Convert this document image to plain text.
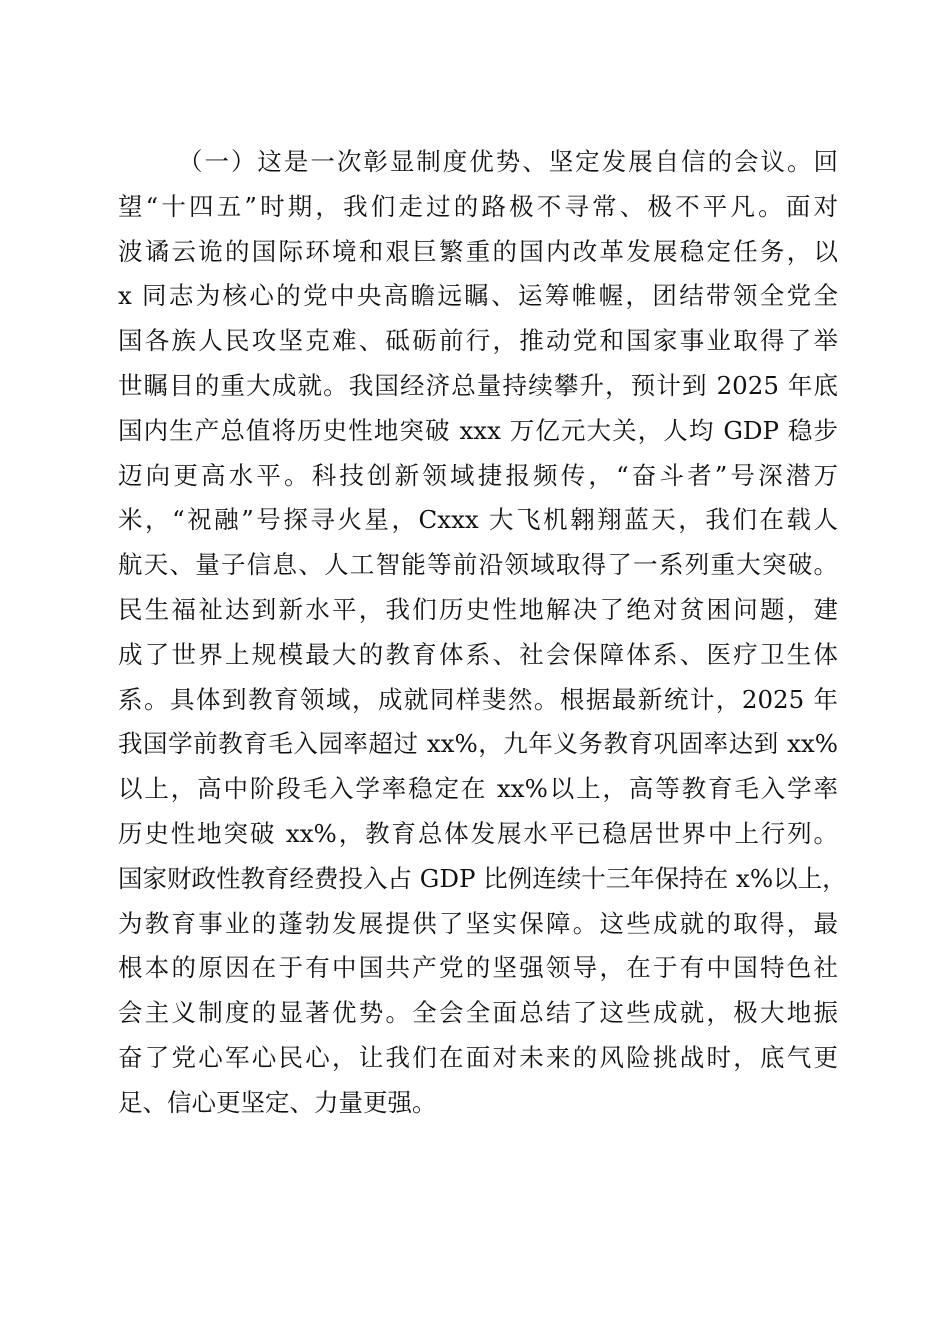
（一）这是一次彰显制度优势、坚定发展自信的会议。回
望“十四五”时期，我们走过的路极不寻常、极不平凡。面对
波谲云诡的国际环境和艰巨繁重的国内改革发展稳定任务，以
x 同志为核心的党中央高瞻远瞩、运筹帷幄，团结带领全党全
国各族人民攻坚克难、砥砺前行，推动党和国家事业取得了举
世瞩目的重大成就。我国经济总量持续攀升，预计到 2025 年底
国内生产总值将历史性地突破 xxx 万亿元大关，人均 GDP 稳步
迈向更高水平。科技创新领域捷报频传，“奋斗者”号深潜万
米，“祝融”号探寻火星，Cxxx 大飞机翱翔蓝天，我们在载人
航天、量子信息、人工智能等前沿领域取得了一系列重大突破。
民生福祉达到新水平，我们历史性地解决了绝对贫困问题，建
成了世界上规模最大的教育体系、社会保障体系、医疗卫生体
系。具体到教育领域，成就同样斐然。根据最新统计，2025 年
我国学前教育毛入园率超过 xx%，九年义务教育巩固率达到 xx%
以上，高中阶段毛入学率稳定在 xx%以上，高等教育毛入学率
历史性地突破 xx%，教育总体发展水平已稳居世界中上行列。
国家财政性教育经费投入占 GDP 比例连续十三年保持在 x%以上，
为教育事业的蓬勃发展提供了坚实保障。这些成就的取得，最
根本的原因在于有中国共产党的坚强领导，在于有中国特色社
会主义制度的显著优势。全会全面总结了这些成就，极大地振
奋了党心军心民心，让我们在面对未来的风险挑战时，底气更
足、信心更坚定、力量更强。
